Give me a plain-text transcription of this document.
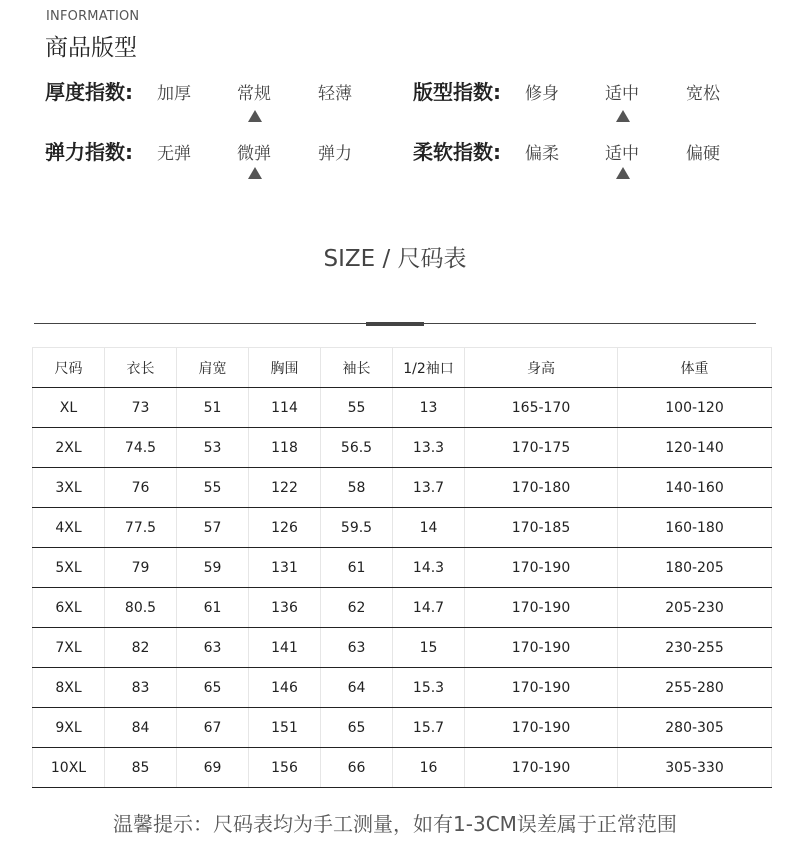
INFORMATION
商品版型
厚度指数:	加厚	常规	轻薄	版型指数:	修身	适中	宽松
弹力指数:	无弹	微弹	弹力	柔软指数:	偏柔	适中	偏硬
SIZE / 尺码表
尺码	衣长	肩宽	胸围	袖长	1/2袖口	身高	体重
XL	73	51	114	55	13	165-170	100-120
2XL	74.5	53	118	56.5	13.3	170-175	120-140
3XL	76	55	122	58	13.7	170-180	140-160
4XL	77.5	57	126	59.5	14	170-185	160-180
5XL	79	59	131	61	14.3	170-190	180-205
6XL	80.5	61	136	62	14.7	170-190	205-230
7XL	82	63	141	63	15	170-190	230-255
8XL	83	65	146	64	15.3	170-190	255-280
9XL	84	67	151	65	15.7	170-190	280-305
10XL	85	69	156	66	16	170-190	305-330
温馨提示：尺码表均为手工测量，如有1-3CM误差属于正常范围
